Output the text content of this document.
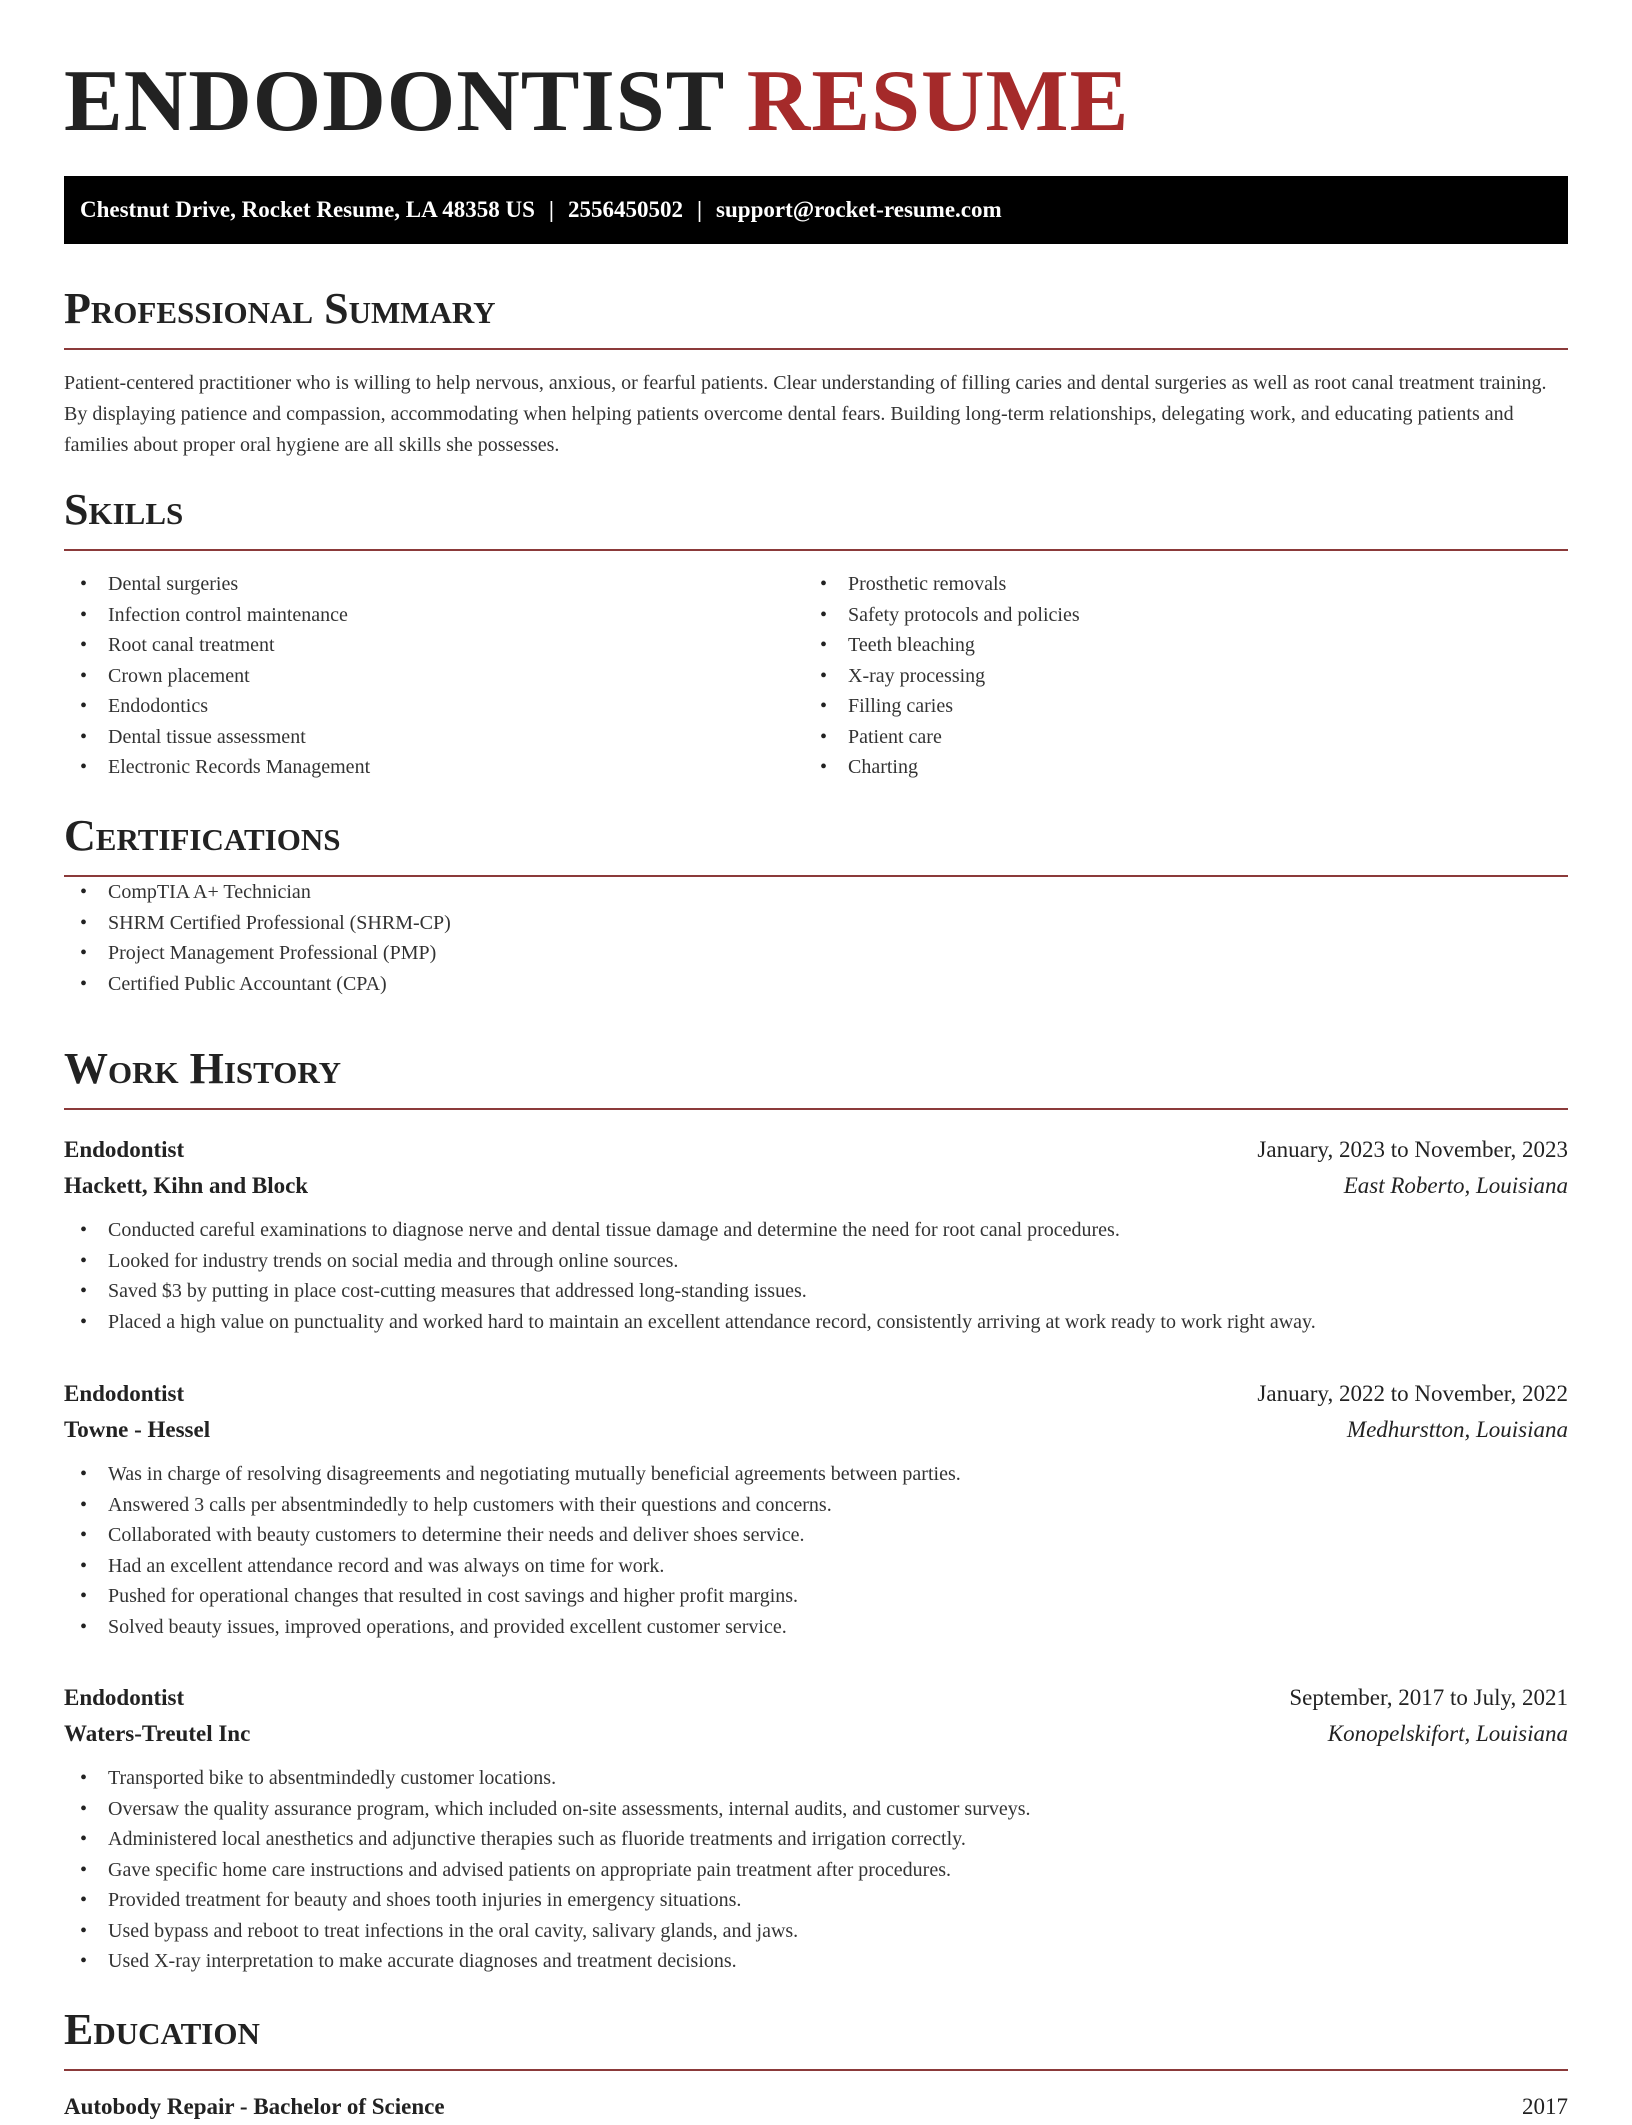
ENDODONTIST RESUME
Chestnut Drive, Rocket Resume, LA 48358 US | 2556450502 | support@rocket-resume.com
Professional Summary

Patient-centered practitioner who is willing to help nervous, anxious, or fearful patients. Clear understanding of filling caries and dental surgeries as well as root canal treatment training. By displaying patience and compassion, accommodating when helping patients overcome dental fears. Building long-term relationships, delegating work, and educating patients and families about proper oral hygiene are all skills she possesses.

Skills
• Dental surgeries
• Infection control maintenance
• Root canal treatment
• Crown placement
• Endodontics
• Dental tissue assessment
• Electronic Records Management
• Prosthetic removals
• Safety protocols and policies
• Teeth bleaching
• X-ray processing
• Filling caries
• Patient care
• Charting
Certifications
• CompTIA A+ Technician
• SHRM Certified Professional (SHRM-CP)
• Project Management Professional (PMP)
• Certified Public Accountant (CPA)
Work History
Endodontist	January, 2023 to November, 2023
Hackett, Kihn and Block	East Roberto, Louisiana
• Conducted careful examinations to diagnose nerve and dental tissue damage and determine the need for root canal procedures.
• Looked for industry trends on social media and through online sources.
• Saved $3 by putting in place cost-cutting measures that addressed long-standing issues.
• Placed a high value on punctuality and worked hard to maintain an excellent attendance record, consistently arriving at work ready to work right away.
Endodontist	January, 2022 to November, 2022
Towne - Hessel	Medhurstton, Louisiana
• Was in charge of resolving disagreements and negotiating mutually beneficial agreements between parties.
• Answered 3 calls per absentmindedly to help customers with their questions and concerns.
• Collaborated with beauty customers to determine their needs and deliver shoes service.
• Had an excellent attendance record and was always on time for work.
• Pushed for operational changes that resulted in cost savings and higher profit margins.
• Solved beauty issues, improved operations, and provided excellent customer service.
Endodontist	September, 2017 to July, 2021
Waters-Treutel Inc	Konopelskifort, Louisiana
• Transported bike to absentmindedly customer locations.
• Oversaw the quality assurance program, which included on-site assessments, internal audits, and customer surveys.
• Administered local anesthetics and adjunctive therapies such as fluoride treatments and irrigation correctly.
• Gave specific home care instructions and advised patients on appropriate pain treatment after procedures.
• Provided treatment for beauty and shoes tooth injuries in emergency situations.
• Used bypass and reboot to treat infections in the oral cavity, salivary glands, and jaws.
• Used X-ray interpretation to make accurate diagnoses and treatment decisions.
Education
Autobody Repair - Bachelor of Science	2017
